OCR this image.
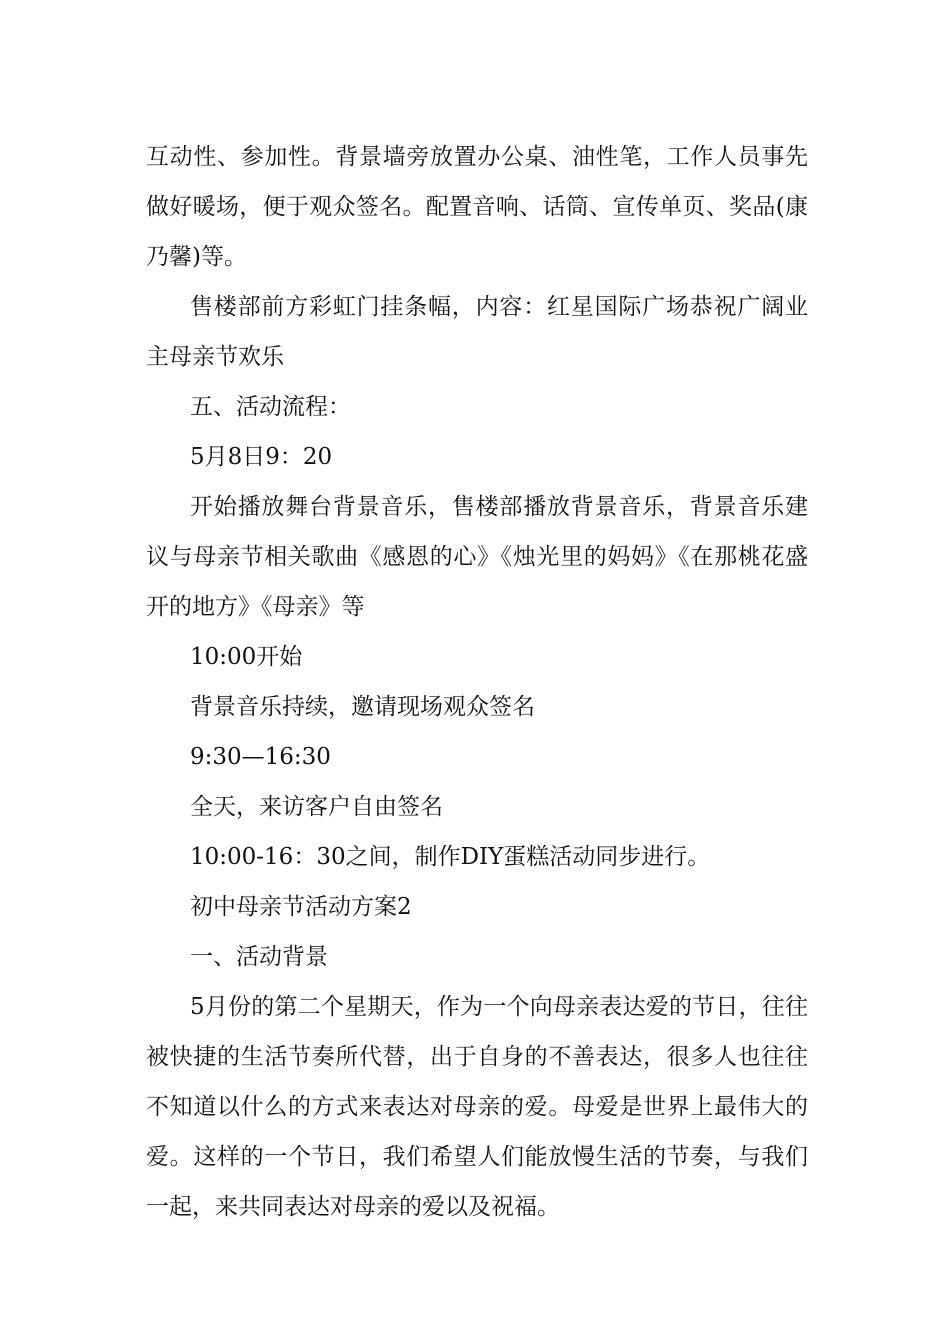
互动性、参加性。背景墙旁放置办公桌、油性笔，工作人员事先做好暖场，便于观众签名。配置音响、话筒、宣传单页、奖品(康乃馨)等。

售楼部前方彩虹门挂条幅，内容：红星国际广场恭祝广阔业主母亲节欢乐

五、活动流程：

5月8日9：20

开始播放舞台背景音乐，售楼部播放背景音乐，背景音乐建议与母亲节相关歌曲《感恩的心》《烛光里的妈妈》《在那桃花盛开的地方》《母亲》等

10:00开始

背景音乐持续，邀请现场观众签名

9:30—16:30

全天，来访客户自由签名

10:00-16：30之间，制作DIY蛋糕活动同步进行。

初中母亲节活动方案2

一、活动背景

5月份的第二个星期天，作为一个向母亲表达爱的节日，往往被快捷的生活节奏所代替，出于自身的不善表达，很多人也往往不知道以什么的方式来表达对母亲的爱。母爱是世界上最伟大的爱。这样的一个节日，我们希望人们能放慢生活的节奏，与我们一起，来共同表达对母亲的爱以及祝福。
